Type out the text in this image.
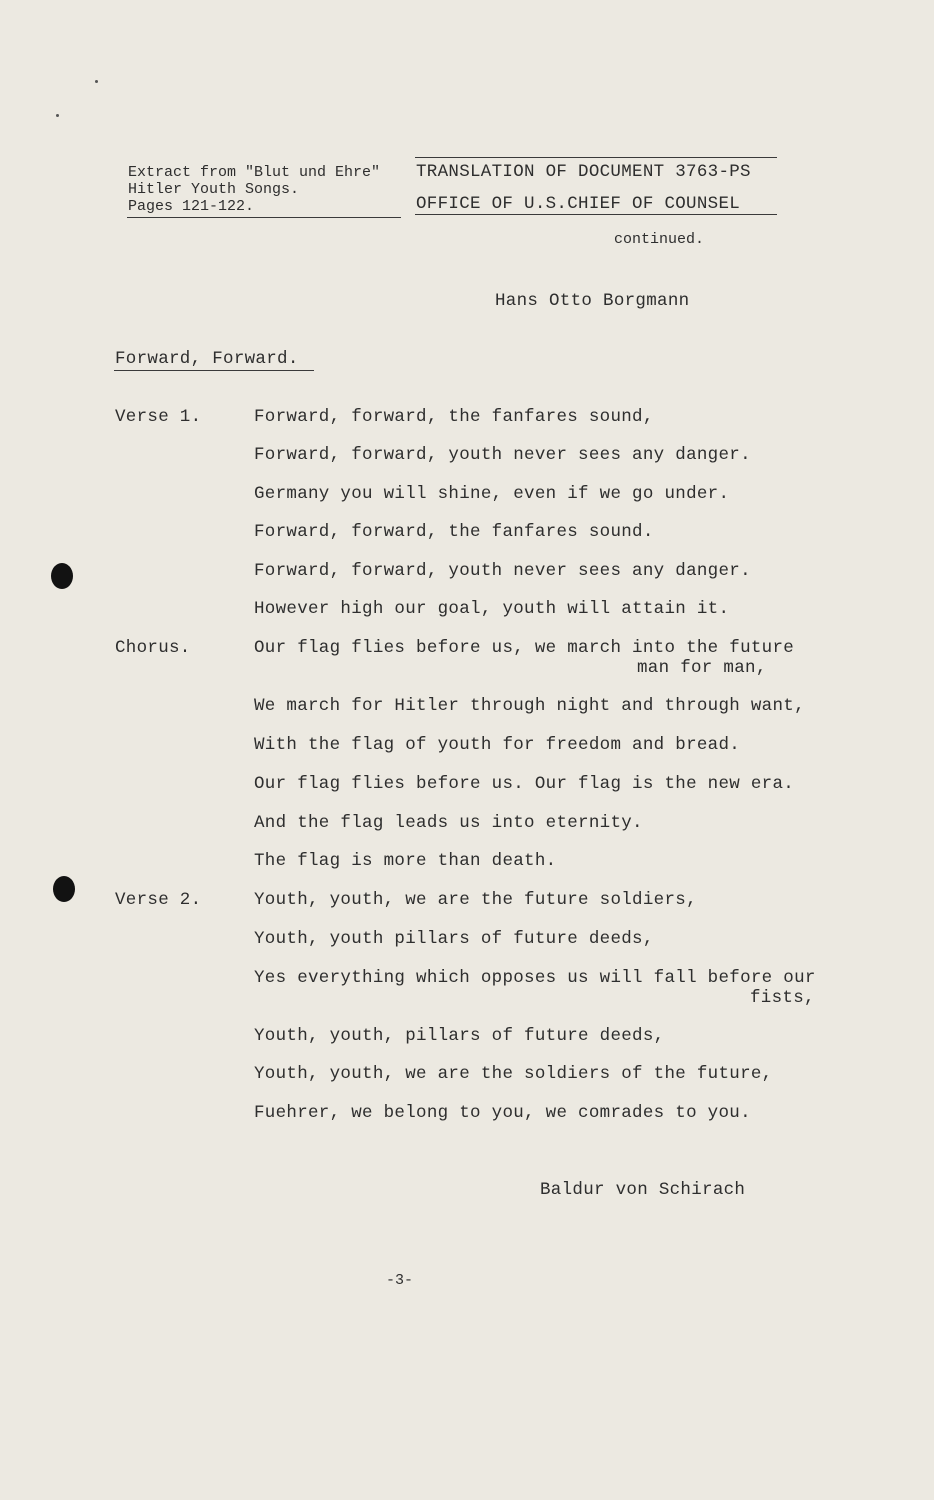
Extract from "Blut und Ehre"
Hitler Youth Songs.
Pages 121-122.
TRANSLATION OF DOCUMENT 3763-PS
OFFICE OF U.S.CHIEF OF COUNSEL
continued.
Hans Otto Borgmann
Forward, Forward.
Verse 1.	Forward, forward, the fanfares sound,
Forward, forward, youth never sees any danger.
Germany you will shine, even if we go under.
Forward, forward, the fanfares sound.
Forward, forward, youth never sees any danger.
However high our goal, youth will attain it.
Chorus.	Our flag flies before us, we march into the future
man for man,
We march for Hitler through night and through want,
With the flag of youth for freedom and bread.
Our flag flies before us. Our flag is the new era.
And the flag leads us into eternity.
The flag is more than death.
Verse 2.	Youth, youth, we are the future soldiers,
Youth, youth pillars of future deeds,
Yes everything which opposes us will fall before our
fists,
Youth, youth, pillars of future deeds,
Youth, youth, we are the soldiers of the future,
Fuehrer, we belong to you, we comrades to you.
Baldur von Schirach
-3-
